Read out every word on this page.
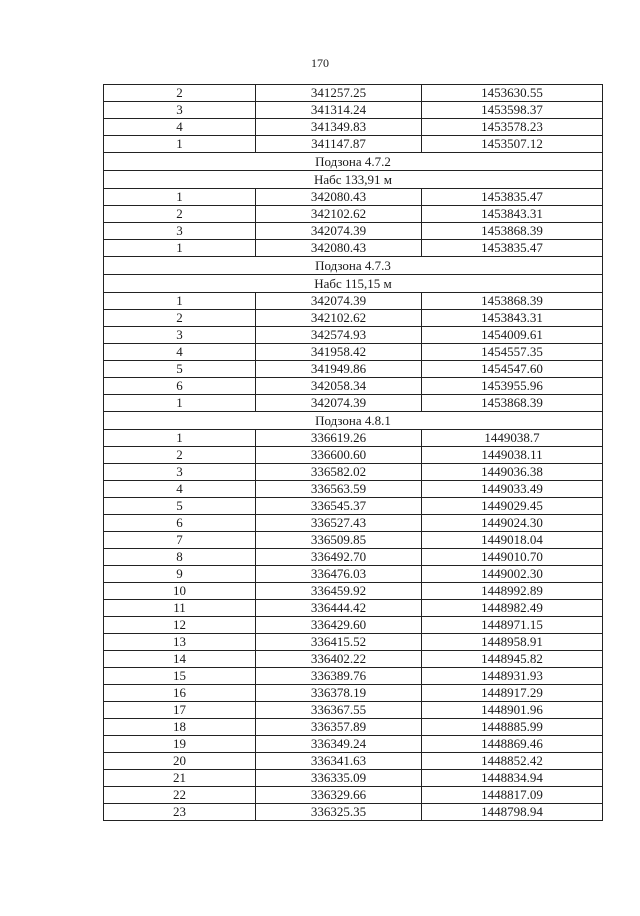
170
2	341257.25	1453630.55
3	341314.24	1453598.37
4	341349.83	1453578.23
1	341147.87	1453507.12
Подзона 4.7.2		
Набс 133,91 м		
1	342080.43	1453835.47
2	342102.62	1453843.31
3	342074.39	1453868.39
1	342080.43	1453835.47
Подзона 4.7.3		
Набс 115,15 м		
1	342074.39	1453868.39
2	342102.62	1453843.31
3	342574.93	1454009.61
4	341958.42	1454557.35
5	341949.86	1454547.60
6	342058.34	1453955.96
1	342074.39	1453868.39
Подзона 4.8.1		
1	336619.26	1449038.7
2	336600.60	1449038.11
3	336582.02	1449036.38
4	336563.59	1449033.49
5	336545.37	1449029.45
6	336527.43	1449024.30
7	336509.85	1449018.04
8	336492.70	1449010.70
9	336476.03	1449002.30
10	336459.92	1448992.89
11	336444.42	1448982.49
12	336429.60	1448971.15
13	336415.52	1448958.91
14	336402.22	1448945.82
15	336389.76	1448931.93
16	336378.19	1448917.29
17	336367.55	1448901.96
18	336357.89	1448885.99
19	336349.24	1448869.46
20	336341.63	1448852.42
21	336335.09	1448834.94
22	336329.66	1448817.09
23	336325.35	1448798.94
